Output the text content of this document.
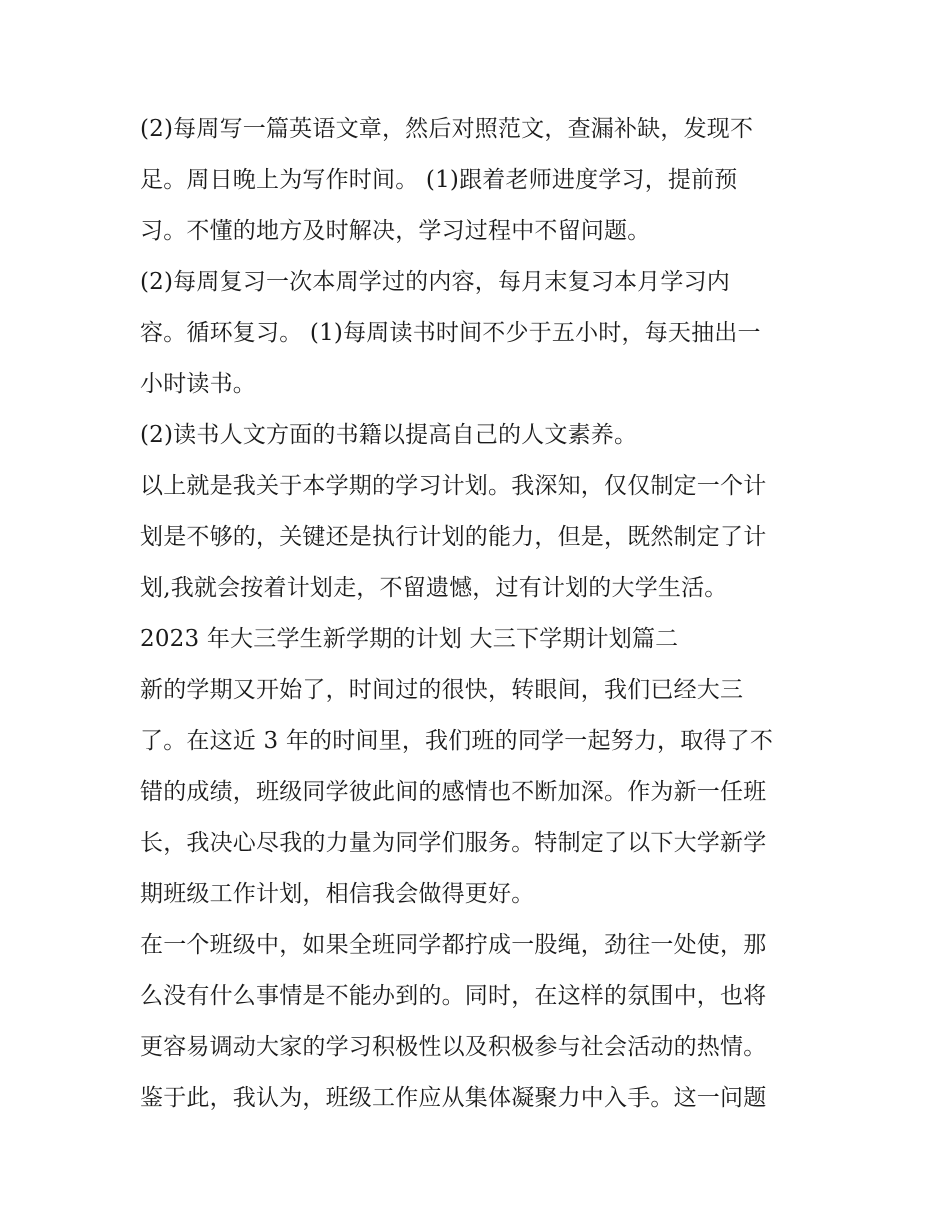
(2)每周写一篇英语文章，然后对照范文，查漏补缺，发现不
足。周日晚上为写作时间。 (1)跟着老师进度学习，提前预
习。不懂的地方及时解决，学习过程中不留问题。
(2)每周复习一次本周学过的内容，每月末复习本月学习内
容。循环复习。 (1)每周读书时间不少于五小时，每天抽出一
小时读书。
(2)读书人文方面的书籍以提高自己的人文素养。
以上就是我关于本学期的学习计划。我深知，仅仅制定一个计
划是不够的，关键还是执行计划的能力，但是，既然制定了计
划,我就会按着计划走，不留遗憾，过有计划的大学生活。
2023 年大三学生新学期的计划 大三下学期计划篇二
新的学期又开始了，时间过的很快，转眼间，我们已经大三
了。在这近 3 年的时间里，我们班的同学一起努力，取得了不
错的成绩，班级同学彼此间的感情也不断加深。作为新一任班
长，我决心尽我的力量为同学们服务。特制定了以下大学新学
期班级工作计划，相信我会做得更好。
在一个班级中，如果全班同学都拧成一股绳，劲往一处使，那
么没有什么事情是不能办到的。同时，在这样的氛围中，也将
更容易调动大家的学习积极性以及积极参与社会活动的热情。
鉴于此，我认为，班级工作应从集体凝聚力中入手。这一问题
